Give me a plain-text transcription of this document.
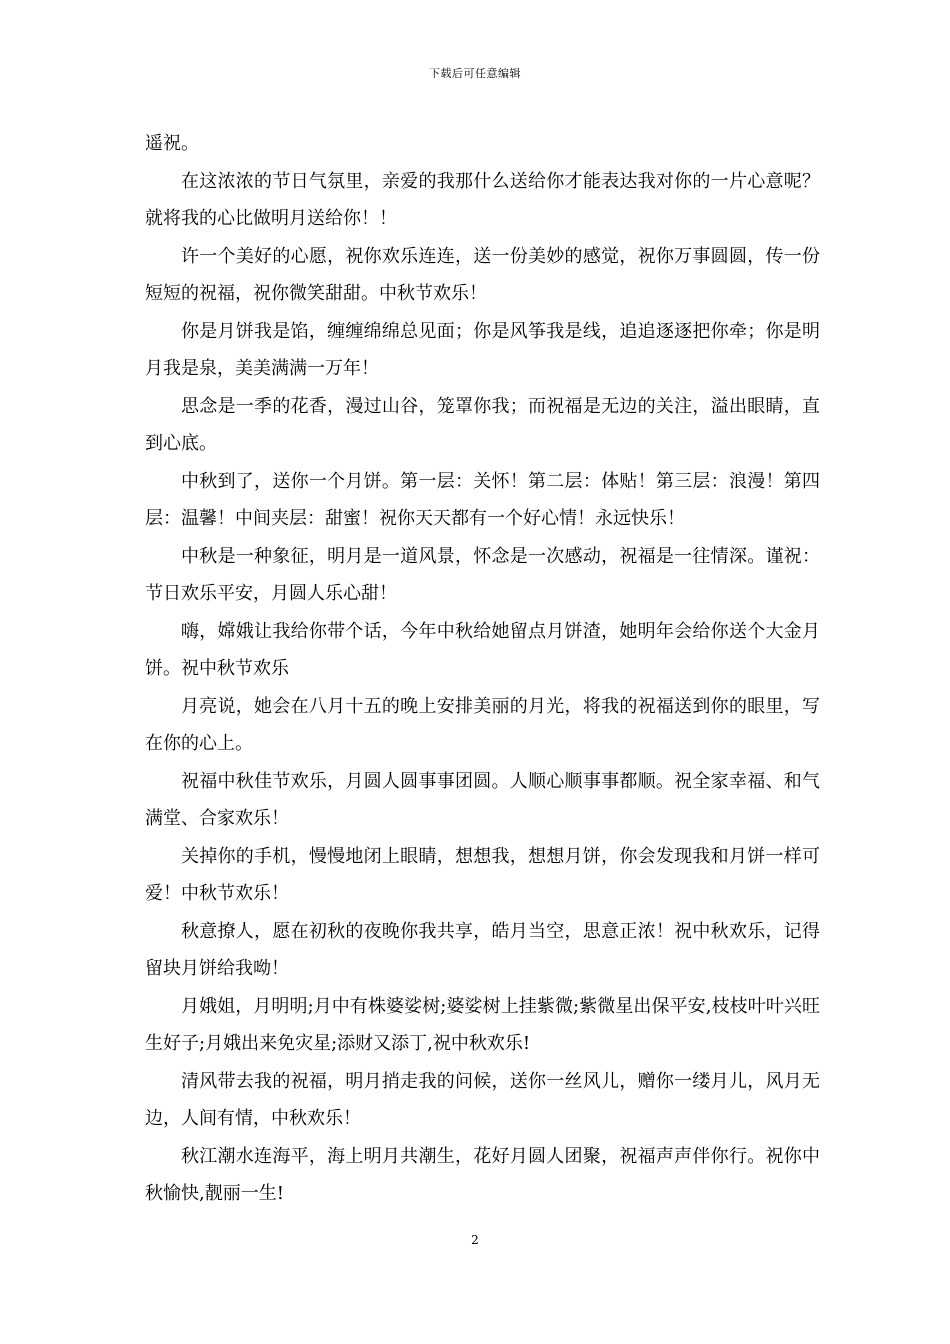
下载后可任意编辑

遥祝。

在这浓浓的节日气氛里，亲爱的我那什么送给你才能表达我对你的一片心意呢？就将我的心比做明月送给你！！

许一个美好的心愿，祝你欢乐连连，送一份美妙的感觉，祝你万事圆圆，传一份短短的祝福，祝你微笑甜甜。中秋节欢乐！

你是月饼我是馅，缠缠绵绵总见面；你是风筝我是线，追追逐逐把你牵；你是明月我是泉，美美满满一万年！

思念是一季的花香，漫过山谷，笼罩你我；而祝福是无边的关注，溢出眼睛，直到心底。

中秋到了，送你一个月饼。第一层：关怀！第二层：体贴！第三层：浪漫！第四层：温馨！中间夹层：甜蜜！祝你天天都有一个好心情！永远快乐！

中秋是一种象征，明月是一道风景，怀念是一次感动，祝福是一往情深。谨祝：节日欢乐平安，月圆人乐心甜！

嗨，嫦娥让我给你带个话，今年中秋给她留点月饼渣，她明年会给你送个大金月饼。祝中秋节欢乐

月亮说，她会在八月十五的晚上安排美丽的月光，将我的祝福送到你的眼里，写在你的心上。

祝福中秋佳节欢乐，月圆人圆事事团圆。人顺心顺事事都顺。祝全家幸福、和气满堂、合家欢乐！

关掉你的手机，慢慢地闭上眼睛，想想我，想想月饼，你会发现我和月饼一样可爱！中秋节欢乐！

秋意撩人，愿在初秋的夜晚你我共享，皓月当空，思意正浓！祝中秋欢乐，记得留块月饼给我呦！

月娥姐，月明明;月中有株婆娑树;婆娑树上挂紫微;紫微星出保平安,枝枝叶叶兴旺生好子;月娥出来免灾星;添财又添丁,祝中秋欢乐!

清风带去我的祝福，明月捎走我的问候，送你一丝风儿，赠你一缕月儿，风月无边，人间有情，中秋欢乐！

秋江潮水连海平，海上明月共潮生，花好月圆人团聚，祝福声声伴你行。祝你中秋愉快,靓丽一生!

2
